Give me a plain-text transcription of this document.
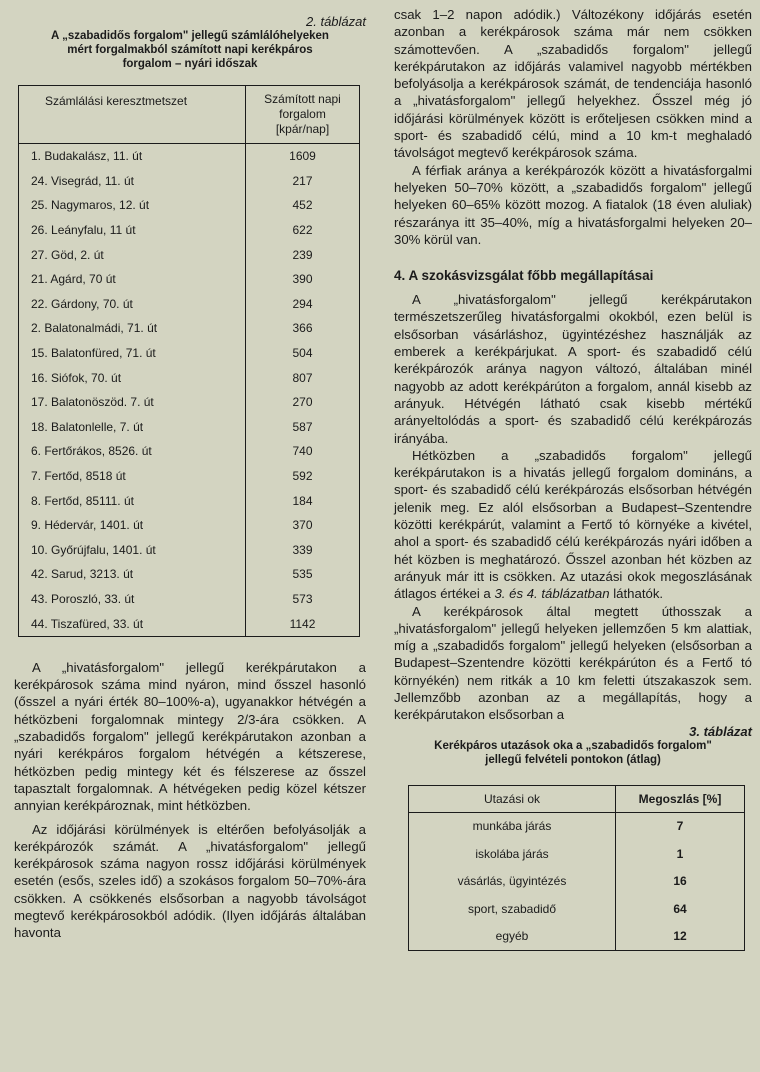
2. táblázat

A „szabadidős forgalom" jellegű számlálóhelyeken
mért forgalmakból számított napi kerékpáros
forgalom – nyári időszak
Számlálási keresztmetszet	Számított napi
forgalom
[kpár/nap]

1. Budakalász, 11. út	1609
24. Visegrád, 11. út	217
25. Nagymaros, 12. út	452
26. Leányfalu, 11 út	622
27. Göd, 2. út	239
21. Agárd, 70 út	390
22. Gárdony, 70. út	294
2. Balatonalmádi, 71. út	366
15. Balatonfüred, 71. út	504
16. Siófok, 70. út	807
17. Balatonöszöd. 7. út	270
18. Balatonlelle, 7. út	587
6. Fertőrákos, 8526. út	740
7. Fertőd, 8518 út	592
8. Fertőd, 85111. út	184
9. Hédervár, 1401. út	370
10. Győrújfalu, 1401. út	339
42. Sarud, 3213. út	535
43. Poroszló, 33. út	573
44. Tiszafüred, 33. út	1142

A „hivatásforgalom" jellegű kerékpárutakon a kerékpárosok száma mind nyáron, mind ősszel hasonló (ősszel a nyári érték 80–100%-a), ugyanakkor hétvégén a hétközbeni forgalomnak mintegy 2/3-ára csökken. A „szabadidős forgalom" jellegű kerékpárutakon azonban a nyári kerékpáros forgalom hétvégén a kétszerese, hétközben pedig mintegy két és félszerese az ősszel tapasztalt forgalomnak. A hétvégeken pedig közel kétszer annyian kerékpároznak, mint hétközben.

Az időjárási körülmények is eltérően befolyásolják a kerékpározók számát. A „hivatásforgalom" jellegű kerékpárosok száma nagyon rossz időjárási körülmények esetén (esős, szeles idő) a szokásos forgalom 50–70%-ára csökken. A csökkenés elsősorban a nagyobb távolságot megtevő kerékpárosokból adódik. (Ilyen időjárás általában havonta

csak 1–2 napon adódik.) Változékony időjárás esetén azonban a kerékpárosok száma már nem csökken számottevően. A „szabadidős forgalom" jellegű kerékpárutakon az időjárás valamivel nagyobb mértékben befolyásolja a kerékpárosok számát, de tendenciája hasonló a „hivatásforgalom" jellegű helyekhez. Ősszel még jó időjárási körülmények között is erőteljesen csökken mind a sport- és szabadidő célú, mind a 10 km-t meghaladó távolságot megtevő kerékpárosok száma.

A férfiak aránya a kerékpározók között a hivatásforgalmi helyeken 50–70% között, a „szabadidős forgalom" jellegű helyeken 60–65% között mozog. A fiatalok (18 éven aluliak) részaránya itt 35–40%, míg a hivatásforgalmi helyeken 20–30% körül van.

4. A szokásvizsgálat főbb megállapításai

A „hivatásforgalom" jellegű kerékpárutakon természetszerűleg hivatásforgalmi okokból, ezen belül is elsősorban vásárláshoz, ügyintézéshez használják az emberek a kerékpárjukat. A sport- és szabadidő célú kerékpározók aránya nagyon változó, általában minél nagyobb az adott kerékpárúton a forgalom, annál kisebb az arányuk. Hétvégén látható csak kisebb mértékű arányeltolódás a sport- és szabadidő célú kerékpározás irányába.

Hétközben a „szabadidős forgalom" jellegű kerékpárutakon is a hivatás jellegű forgalom domináns, a sport- és szabadidő célú kerékpározás elsősorban hétvégén jelenik meg. Ez alól elsősorban a Budapest–Szentendre közötti kerékpárút, valamint a Fertő tó környéke a kivétel, ahol a sport- és szabadidő célú kerékpározás nyári időben a hét közben is meghatározó. Ősszel azonban hét közben az arányuk már itt is csökken. Az utazási okok megoszlásának átlagos értékei a 3. és 4. táblázatban láthatók.

A kerékpárosok által megtett úthosszak a „hivatásforgalom" jellegű helyeken jellemzően 5 km alattiak, míg a „szabadidős forgalom" jellegű helyeken (elsősorban a Budapest–Szentendre közötti kerékpárúton és a Fertő tó környékén) nem ritkák a 10 km feletti útszakaszok sem. Jellemzőbb azonban az a megállapítás, hogy a kerékpárutakon elsősorban a

3. táblázat

Kerékpáros utazások oka a „szabadidős forgalom"
jellegű felvételi pontokon (átlag)
Utazási ok	Megoszlás [%]
munkába járás	7
iskolába járás	1
vásárlás, ügyintézés	16
sport, szabadidő	64
egyéb	12
